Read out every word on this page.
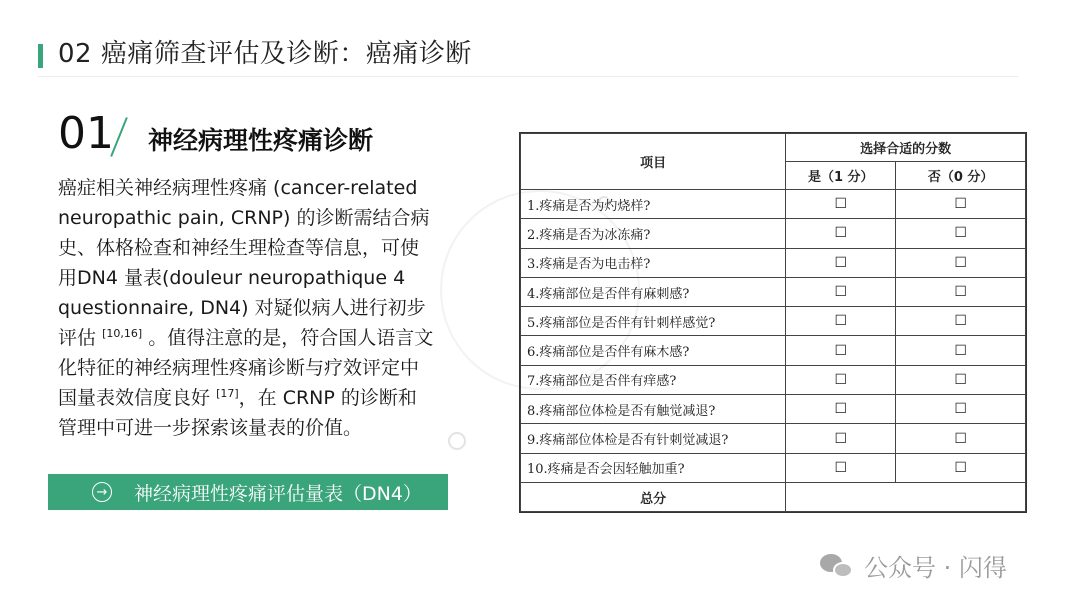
02 癌痛筛查评估及诊断：癌痛诊断
01 神经病理性疼痛诊断

癌症相关神经病理性疼痛 (cancer-related

neuropathic pain, CRNP) 的诊断需结合病

史、体格检查和神经生理检查等信息，可使

用DN4 量表(douleur neuropathique 4

questionnaire, DN4) 对疑似病人进行初步

评估 [10,16] 。值得注意的是，符合国人语言文

化特征的神经病理性疼痛诊断与疗效评定中

国量表效信度良好 [17]，在 CRNP 的诊断和

管理中可进一步探索该量表的价值。

→ 神经病理性疼痛评估量表（DN4）
项目	选择合适的分数	
	是（1 分）	否（0 分）
1.疼痛是否为灼烧样?	☐	☐
2.疼痛是否为冰冻痛?	☐	☐
3.疼痛是否为电击样?	☐	☐
4.疼痛部位是否伴有麻刺感?	☐	☐
5.疼痛部位是否伴有针刺样感觉?	☐	☐
6.疼痛部位是否伴有麻木感?	☐	☐
7.疼痛部位是否伴有痒感?	☐	☐
8.疼痛部位体检是否有触觉减退?	☐	☐
9.疼痛部位体检是否有针刺觉减退?	☐	☐
10.疼痛是否会因轻触加重?	☐	☐
总分		
公众号 · 闪得
